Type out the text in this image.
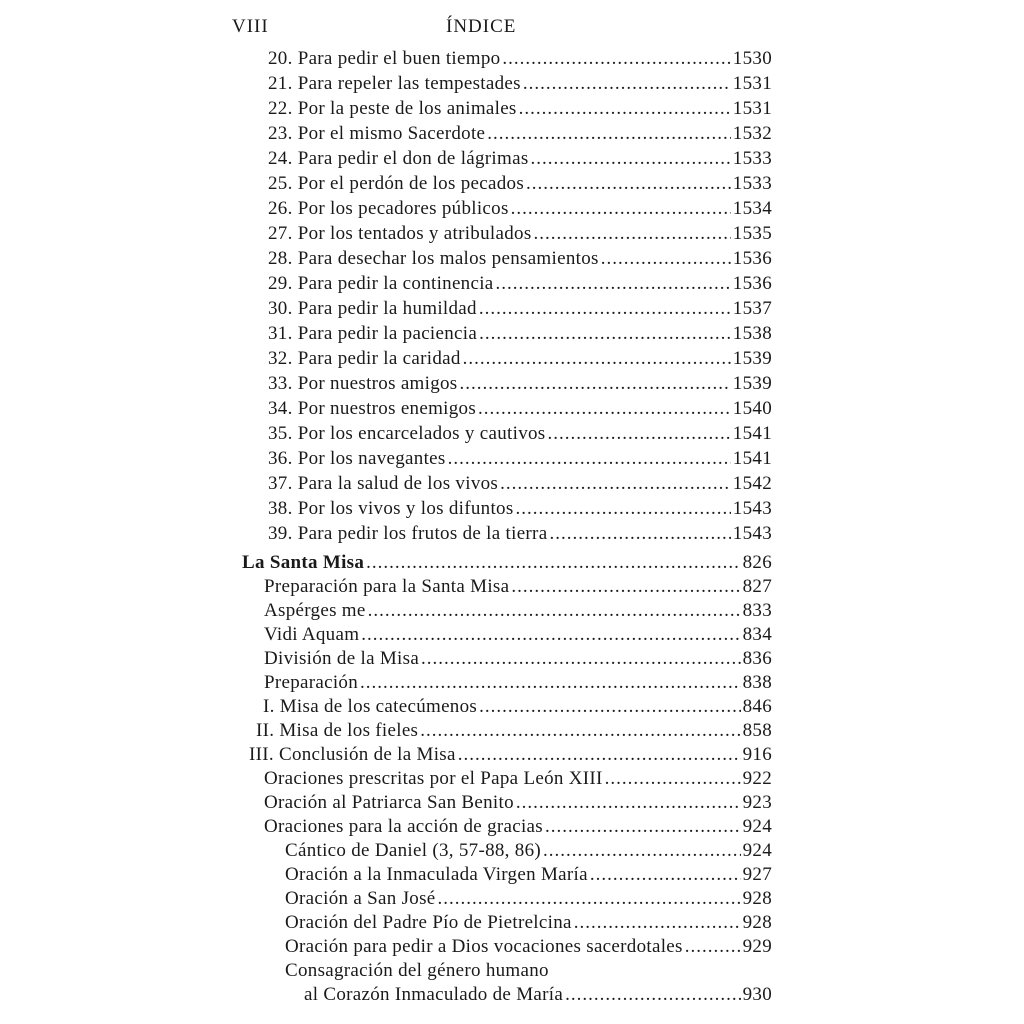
VIII	ÍNDICE
20. Para pedir el buen tiempo .....	1530
21. Para repeler las tempestades .....	1531
22. Por la peste de los animales .....	1531
23. Por el mismo Sacerdote .....	1532
24. Para pedir el don de lágrimas .....	1533
25. Por el perdón de los pecados .....	1533
26. Por los pecadores públicos .....	1534
27. Por los tentados y atribulados .....	1535
28. Para desechar los malos pensamientos .....	1536
29. Para pedir la continencia .....	1536
30. Para pedir la humildad .....	1537
31. Para pedir la paciencia .....	1538
32. Para pedir la caridad .....	1539
33. Por nuestros amigos .....	1539
34. Por nuestros enemigos .....	1540
35. Por los encarcelados y cautivos .....	1541
36. Por los navegantes .....	1541
37. Para la salud de los vivos .....	1542
38. Por los vivos y los difuntos .....	1543
39. Para pedir los frutos de la tierra .....	1543
La Santa Misa .....	826
Preparación para la Santa Misa .....	827
Aspérges me .....	833
Vidi Aquam .....	834
División de la Misa .....	836
Preparación .....	838
I. Misa de los catecúmenos .....	846
II. Misa de los fieles .....	858
III. Conclusión de la Misa .....	916
Oraciones prescritas por el Papa León XIII .....	922
Oración al Patriarca San Benito .....	923
Oraciones para la acción de gracias .....	924
Cántico de Daniel (3, 57-88, 86) .....	924
Oración a la Inmaculada Virgen María .....	927
Oración a San José .....	928
Oración del Padre Pío de Pietrelcina .....	928
Oración para pedir a Dios vocaciones sacerdotales .....	929
Consagración del género humano
al Corazón Inmaculado de María .....	930
